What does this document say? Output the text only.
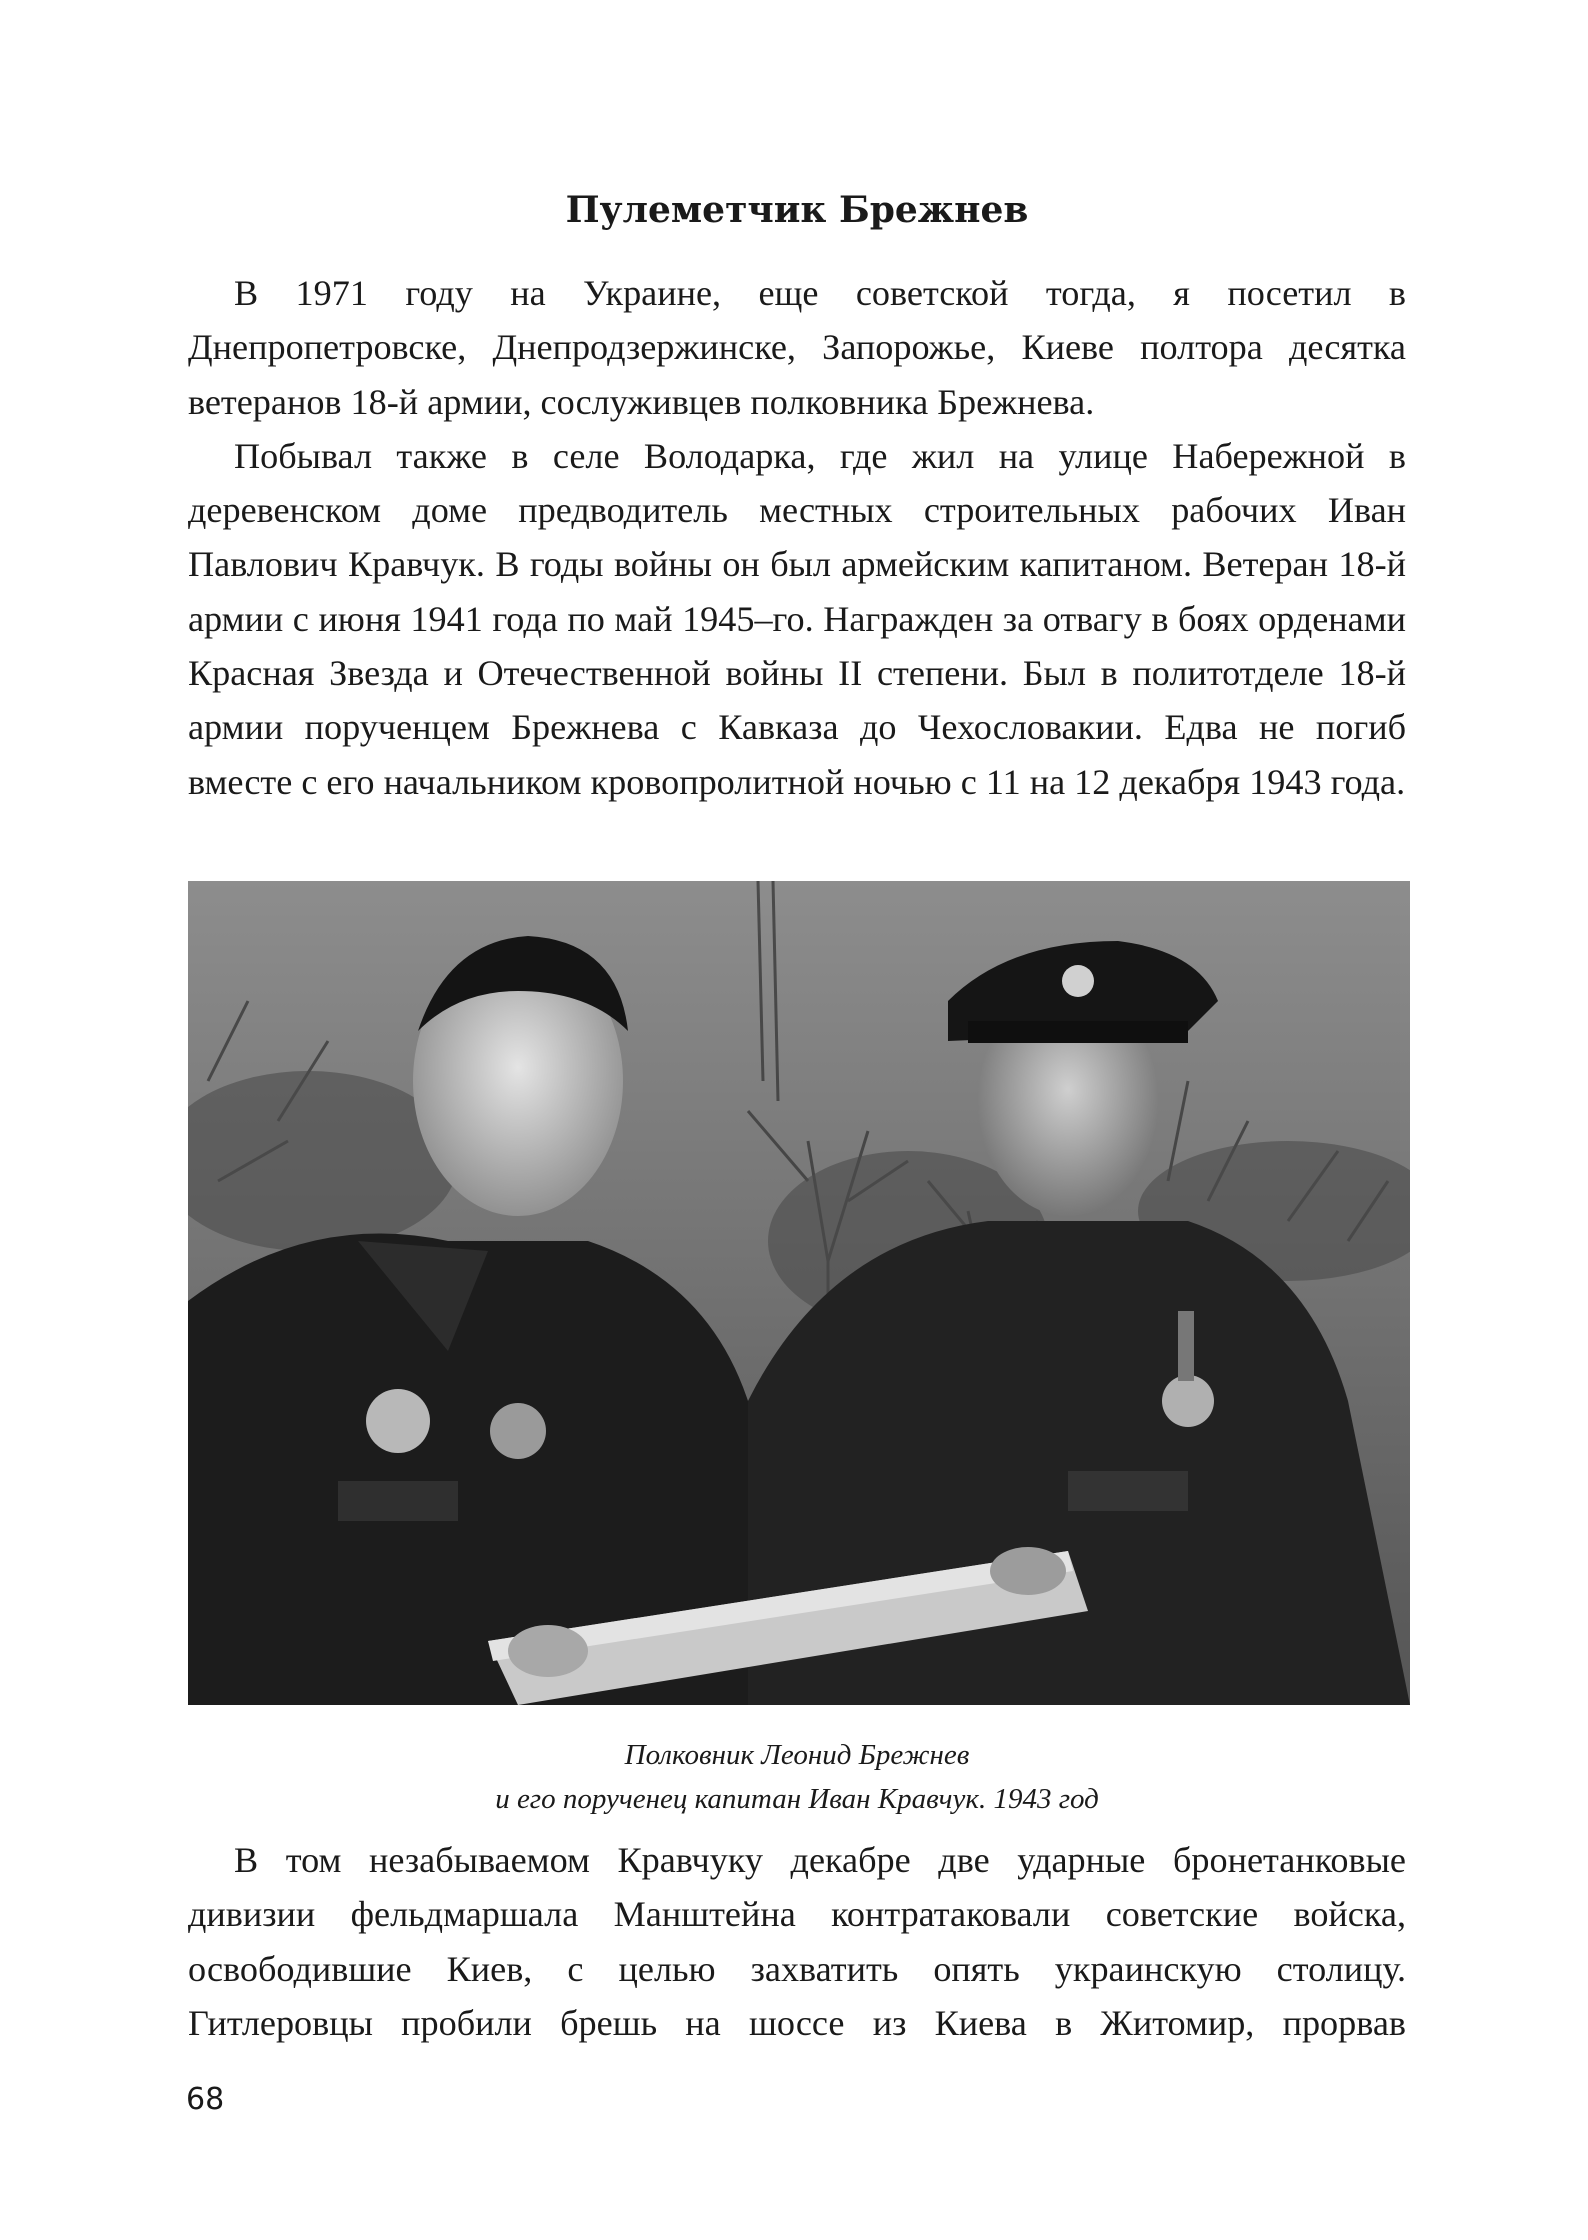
Пулеметчик Брежнев

В 1971 году на Украине, еще советской тогда, я посетил в Днепропетровске, Днепродзержинске, Запорожье, Киеве полтора десятка ветеранов 18-й армии, сослуживцев полковника Брежнева.

Побывал также в селе Володарка, где жил на улице Набережной в деревенском доме предводитель местных строительных рабочих Иван Павлович Кравчук. В годы войны он был армейским капитаном. Ветеран 18-й армии с июня 1941 года по май 1945–го. Награжден за отвагу в боях орденами Красная Звезда и Отечественной войны II степени. Был в политотделе 18-й армии порученцем Брежнева с Кавказа до Чехословакии. Едва не погиб вместе с его начальником кровопролитной ночью с 11 на 12 декабря 1943 года.

Полковник Леонид Брежнев
и его порученец капитан Иван Кравчук. 1943 год

В том незабываемом Кравчуку декабре две ударные бронетанковые дивизии фельдмаршала Манштейна контратаковали советские войска, освободившие Киев, с целью захватить опять украинскую столицу. Гитлеровцы пробили брешь на шоссе из Киева в Житомир, прорвав

68
